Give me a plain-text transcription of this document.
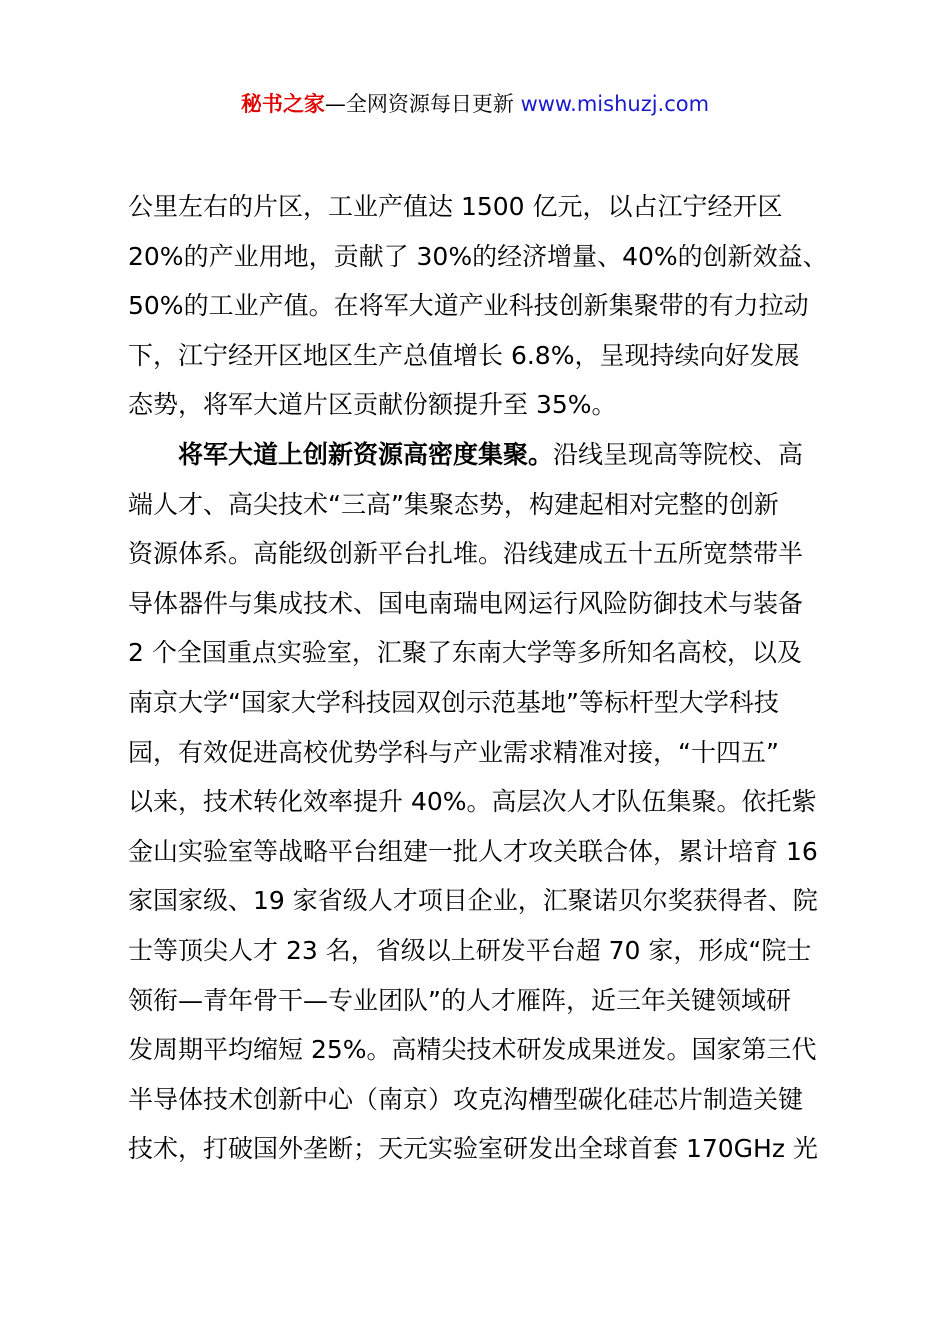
秘书之家—全网资源每日更新 www.mishuzj.com
公里左右的片区，工业产值达 1500 亿元，以占江宁经开区
20%的产业用地，贡献了 30%的经济增量、40%的创新效益、
50%的工业产值。在将军大道产业科技创新集聚带的有力拉动
下，江宁经开区地区生产总值增长 6.8%，呈现持续向好发展
态势，将军大道片区贡献份额提升至 35%。
将军大道上创新资源高密度集聚。沿线呈现高等院校、高
端人才、高尖技术“三高”集聚态势，构建起相对完整的创新
资源体系。高能级创新平台扎堆。沿线建成五十五所宽禁带半
导体器件与集成技术、国电南瑞电网运行风险防御技术与装备
2 个全国重点实验室，汇聚了东南大学等多所知名高校，以及
南京大学“国家大学科技园双创示范基地”等标杆型大学科技
园，有效促进高校优势学科与产业需求精准对接，“十四五”
以来，技术转化效率提升 40%。高层次人才队伍集聚。依托紫
金山实验室等战略平台组建一批人才攻关联合体，累计培育 16
家国家级、19 家省级人才项目企业，汇聚诺贝尔奖获得者、院
士等顶尖人才 23 名，省级以上研发平台超 70 家，形成“院士
领衔—青年骨干—专业团队”的人才雁阵，近三年关键领域研
发周期平均缩短 25%。高精尖技术研发成果迸发。国家第三代
半导体技术创新中心（南京）攻克沟槽型碳化硅芯片制造关键
技术，打破国外垄断；天元实验室研发出全球首套 170GHz 光
